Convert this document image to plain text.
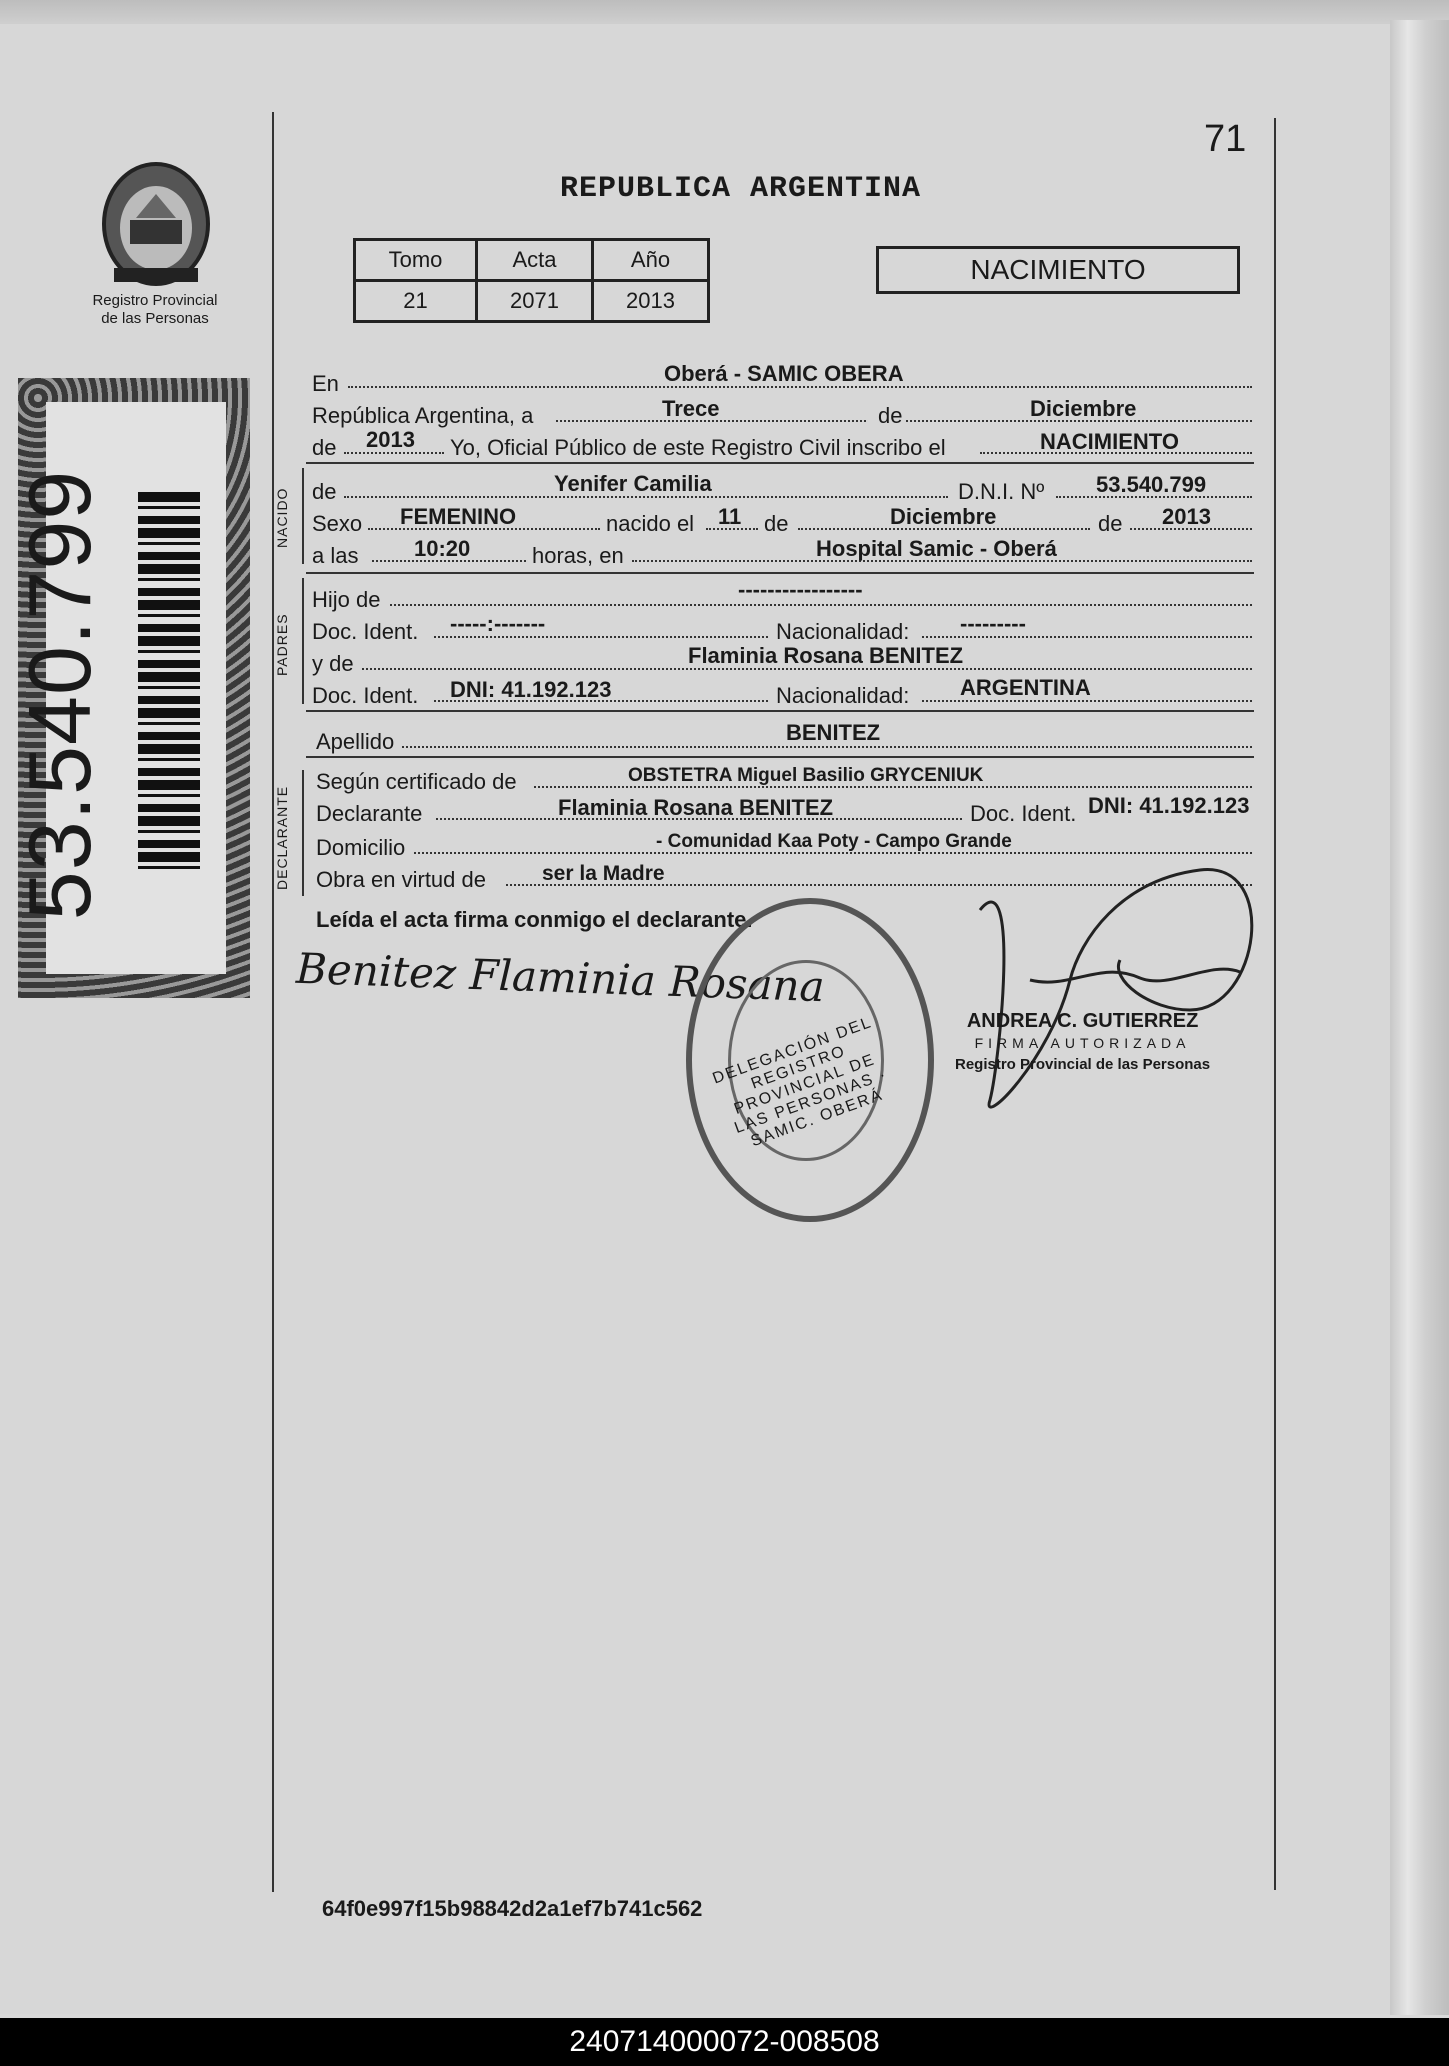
Registro Provincial
de las Personas
53.540.799
71
REPUBLICA ARGENTINA
Tomo	Acta	Año
21	2071	2013
NACIMIENTO
En	Oberá - SAMIC OBERA
República Argentina, a	Trece	de	Diciembre
de 2013 Yo, Oficial Público de este Registro Civil inscribo el	NACIMIENTO
NACIDO de	Yenifer Camilia	D.N.I. Nº 53.540.799
Sexo FEMENINO	nacido el 11 de	Diciembre	de 2013
a las	10:20	horas, en	Hospital Samic - Oberá
PADRES
Hijo de	-----------------
Doc. Ident. -----:-------	Nacionalidad: ---------
y de	Flaminia Rosana BENITEZ
Doc. Ident. DNI: 41.192.123	Nacionalidad: ARGENTINA
Apellido	BENITEZ
DECLARANTE
Según certificado de	OBSTETRA Miguel Basilio GRYCENIUK
Declarante	Flaminia Rosana BENITEZ	Doc. Ident. DNI: 41.192.123
Domicilio	- Comunidad Kaa Poty - Campo Grande
Obra en virtud de	ser la Madre
Leída el acta firma conmigo el declarante.
Benitez Flaminia Rosana
DELEGACIÓN DEL REGISTRO PROVINCIAL DE LAS PERSONAS · SAMIC. OBERÁ
ANDREA C. GUTIERREZ
FIRMA AUTORIZADA
Registro Provincial de las Personas
64f0e997f15b98842d2a1ef7b741c562
240714000072-008508
